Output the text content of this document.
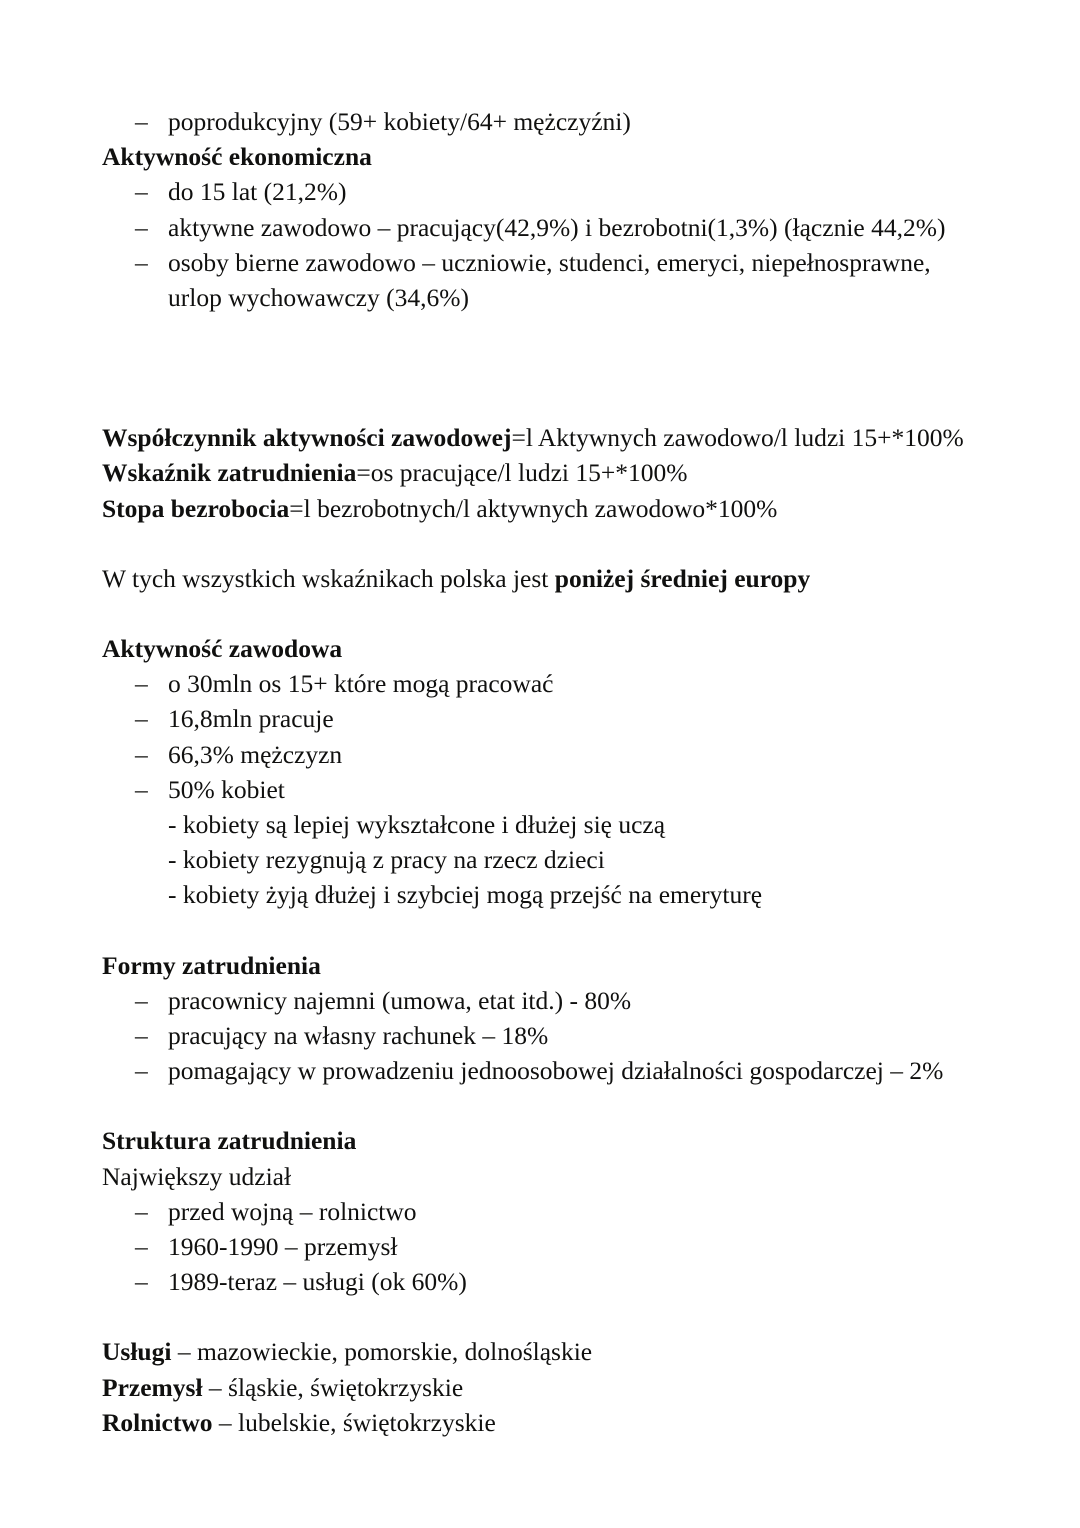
– poprodukcyjny (59+ kobiety/64+ mężczyźni)
Aktywność ekonomiczna
– do 15 lat (21,2%)
– aktywne zawodowo – pracujący(42,9%) i bezrobotni(1,3%) (łącznie 44,2%)
– osoby bierne zawodowo – uczniowie, studenci, emeryci, niepełnosprawne, urlop wychowawczy (34,6%)
Współczynnik aktywności zawodowej=l Aktywnych zawodowo/l ludzi 15+*100%
Wskaźnik zatrudnienia=os pracujące/l ludzi 15+*100%
Stopa bezrobocia=l bezrobotnych/l aktywnych zawodowo*100%
W tych wszystkich wskaźnikach polska jest poniżej średniej europy
Aktywność zawodowa
– o 30mln os 15+ które mogą pracować
– 16,8mln pracuje
– 66,3% mężczyzn
– 50% kobiet
- kobiety są lepiej wykształcone i dłużej się uczą
- kobiety rezygnują z pracy na rzecz dzieci
- kobiety żyją dłużej i szybciej mogą przejść na emeryturę
Formy zatrudnienia
– pracownicy najemni (umowa, etat itd.) - 80%
– pracujący na własny rachunek – 18%
– pomagający w prowadzeniu jednoosobowej działalności gospodarczej – 2%
Struktura zatrudnienia
Największy udział
– przed wojną – rolnictwo
– 1960-1990 – przemysł
– 1989-teraz – usługi (ok 60%)
Usługi – mazowieckie, pomorskie, dolnośląskie
Przemysł – śląskie, świętokrzyskie
Rolnictwo – lubelskie, świętokrzyskie
